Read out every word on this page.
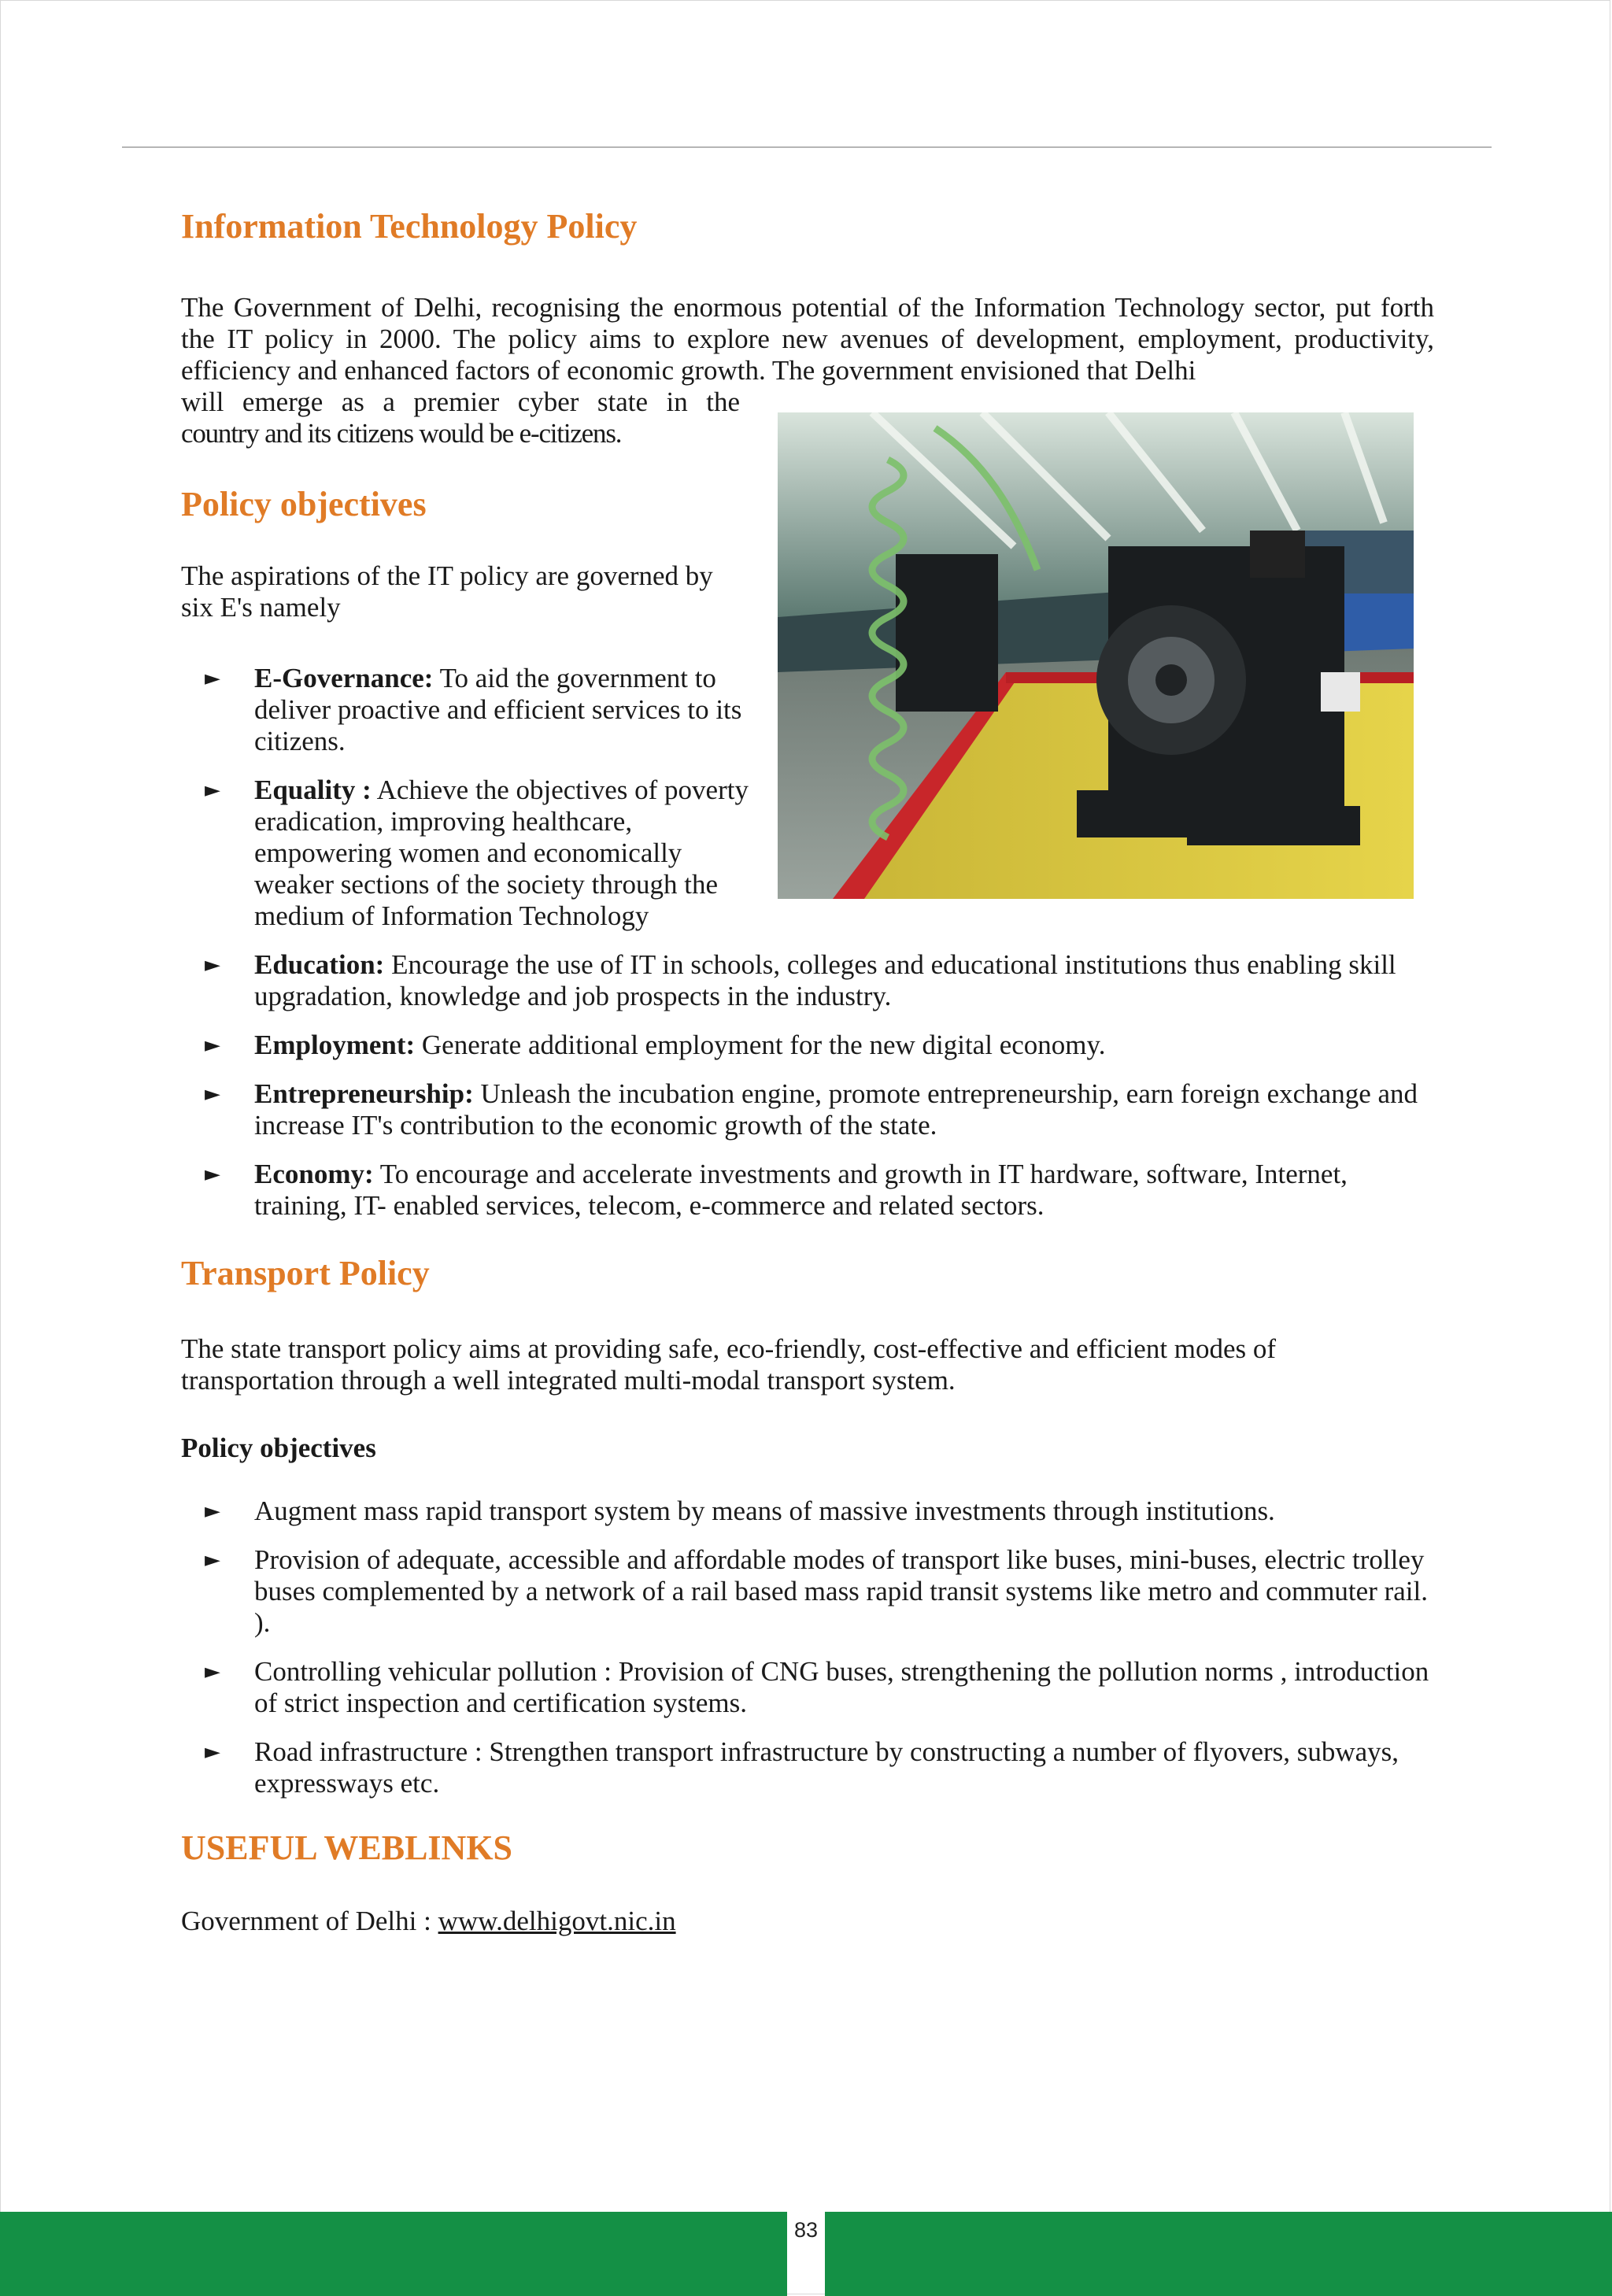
Information Technology Policy

The Government of Delhi, recognising the enormous potential of the Information Technology sector, put forth the IT policy in 2000. The policy aims to explore new avenues of development, employment, productivity, efficiency and enhanced factors of economic growth. The government envisioned that Delhi

will emerge as a premier cyber state in the

country and its citizens would be e-citizens.

Policy objectives

The aspirations of the IT policy are governed by six E's namely

► E-Governance: To aid the government to deliver proactive and efficient services to its citizens.
► Equality : Achieve the objectives of poverty eradication, improving healthcare, empowering women and economically weaker sections of the society through the medium of Information Technology
► Education: Encourage the use of IT in schools, colleges and educational institutions thus enabling skill upgradation, knowledge and job prospects in the industry.
► Employment: Generate additional employment for the new digital economy.
► Entrepreneurship: Unleash the incubation engine, promote entrepreneurship, earn foreign exchange and increase IT's contribution to the economic growth of the state.
► Economy: To encourage and accelerate investments and growth in IT hardware, software, Internet, training, IT- enabled services, telecom, e-commerce and related sectors.
Transport Policy

The state transport policy aims at providing safe, eco-friendly, cost-effective and efficient modes of transportation through a well integrated multi-modal transport system.

Policy objectives
► Augment mass rapid transport system by means of massive investments through institutions.
► Provision of adequate, accessible and affordable modes of transport like buses, mini-buses, electric trolley buses complemented by a network of a rail based mass rapid transit systems like metro and commuter rail. ).
► Controlling vehicular pollution : Provision of CNG buses, strengthening the pollution norms , introduction of strict inspection and certification systems.
► Road infrastructure : Strengthen transport infrastructure by constructing a number of flyovers, subways, expressways etc.
USEFUL WEBLINKS

Government of Delhi : www.delhigovt.nic.in

83
